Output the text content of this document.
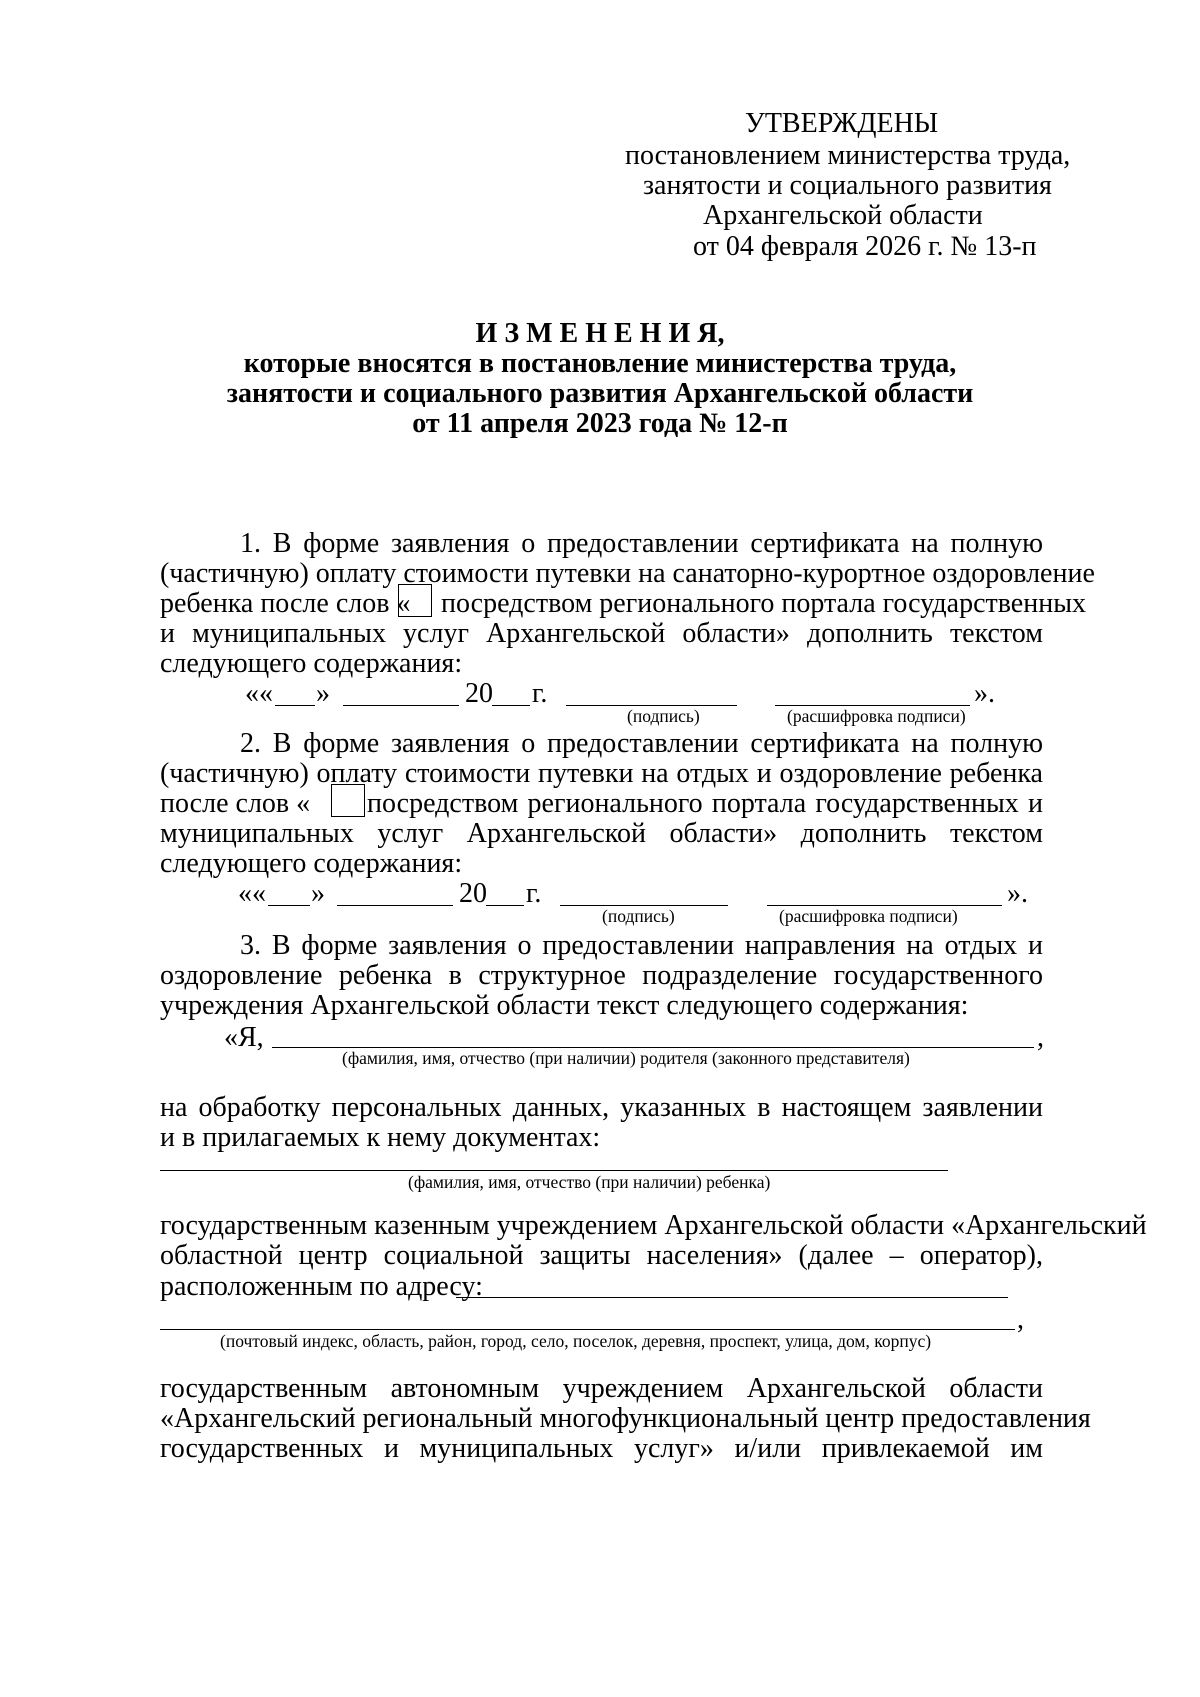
УТВЕРЖДЕНЫ
постановлением министерства труда,
занятости и социального развития
Архангельской области
от 04 февраля 2026 г. № 13-п
И З М Е Н Е Н И Я,
которые вносятся в постановление министерства труда,
занятости и социального развития Архангельской области
от 11 апреля 2023 года № 12-п
1. В форме заявления о предоставлении сертификата на полную
(частичную) оплату стоимости путевки на санаторно-курортное оздоровление
ребенка после слов « посредством регионального портала государственных
и муниципальных услуг Архангельской области» дополнить текстом
следующего содержания:
«« »	20 г.	».
(подпись)	(расшифровка подписи)
2. В форме заявления о предоставлении сертификата на полную
(частичную) оплату стоимости путевки на отдых и оздоровление ребенка
после слов « посредством регионального портала государственных и
муниципальных услуг Архангельской области» дополнить текстом
следующего содержания:
«« »	20 г.	».
(подпись)	(расшифровка подписи)
3. В форме заявления о предоставлении направления на отдых и
оздоровление ребенка в структурное подразделение государственного
учреждения Архангельской области текст следующего содержания:
«Я,	,
(фамилия, имя, отчество (при наличии) родителя (законного представителя)
на обработку персональных данных, указанных в настоящем заявлении
и в прилагаемых к нему документах:
(фамилия, имя, отчество (при наличии) ребенка)
государственным казенным учреждением Архангельской области «Архангельский
областной центр социальной защиты населения» (далее – оператор),
расположенным по адресу:
,
(почтовый индекс, область, район, город, село, поселок, деревня, проспект, улица, дом, корпус)
государственным автономным учреждением Архангельской области
«Архангельский региональный многофункциональный центр предоставления
государственных и муниципальных услуг» и/или привлекаемой им
